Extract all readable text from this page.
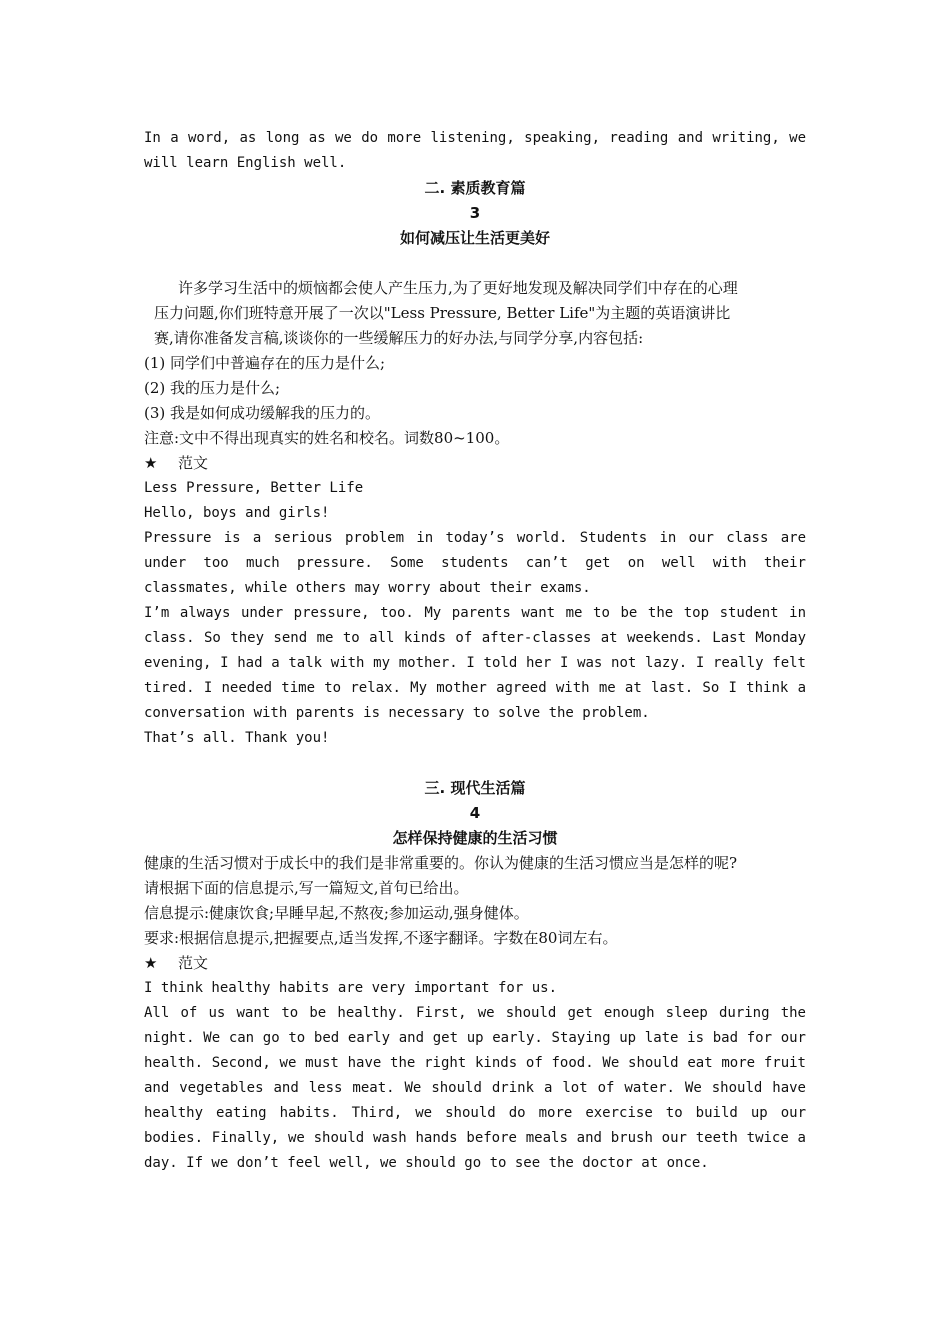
In a word, as long as we do more listening, speaking, reading and writing, we
will learn English well.
二. 素质教育篇
3
如何减压让生活更美好
许多学习生活中的烦恼都会使人产生压力,为了更好地发现及解决同学们中存在的心理
压力问题,你们班特意开展了一次以"Less Pressure, Better Life"为主题的英语演讲比
赛,请你准备发言稿,谈谈你的一些缓解压力的好办法,与同学分享,内容包括:
(1) 同学们中普遍存在的压力是什么;
(2) 我的压力是什么;
(3) 我是如何成功缓解我的压力的。
注意:文中不得出现真实的姓名和校名。词数80~100。
★ 范文
Less Pressure, Better Life
Hello, boys and girls!
Pressure is a serious problem in today’s world. Students in our class are
under too much pressure. Some students can’t get on well with their
classmates, while others may worry about their exams.
I’m always under pressure, too. My parents want me to be the top student in
class. So they send me to all kinds of after-classes at weekends. Last Monday
evening, I had a talk with my mother. I told her I was not lazy. I really felt
tired. I needed time to relax. My mother agreed with me at last. So I think a
conversation with parents is necessary to solve the problem.
That’s all. Thank you!
三. 现代生活篇
4
怎样保持健康的生活习惯
健康的生活习惯对于成长中的我们是非常重要的。你认为健康的生活习惯应当是怎样的呢?
请根据下面的信息提示,写一篇短文,首句已给出。
信息提示:健康饮食;早睡早起,不熬夜;参加运动,强身健体。
要求:根据信息提示,把握要点,适当发挥,不逐字翻译。字数在80词左右。
★ 范文
I think healthy habits are very important for us.
All of us want to be healthy. First, we should get enough sleep during the
night. We can go to bed early and get up early. Staying up late is bad for our
health. Second, we must have the right kinds of food. We should eat more fruit
and vegetables and less meat. We should drink a lot of water. We should have
healthy eating habits. Third, we should do more exercise to build up our
bodies. Finally, we should wash hands before meals and brush our teeth twice a
day. If we don’t feel well, we should go to see the doctor at once.
